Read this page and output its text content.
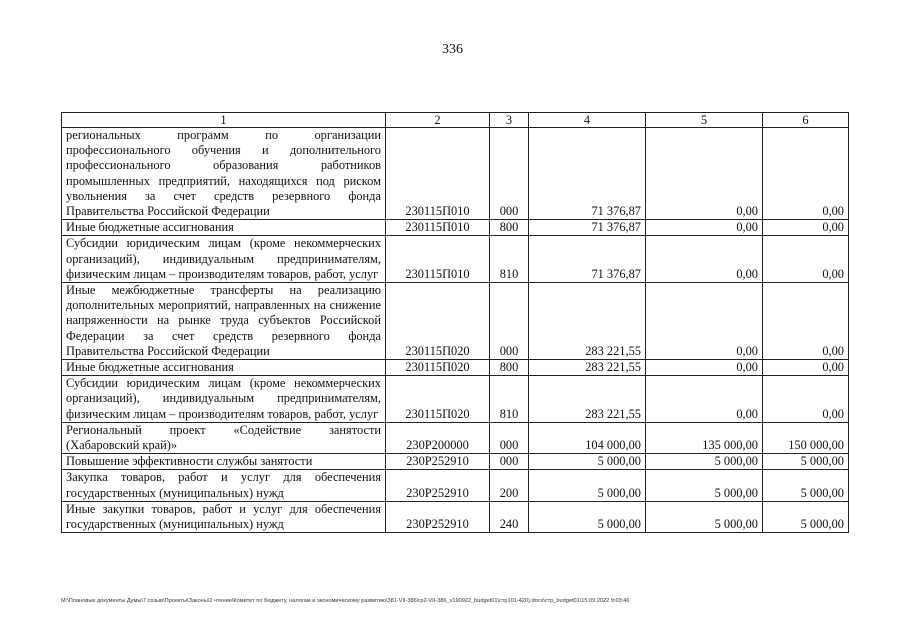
336
1	2	3	4	5	6
региональных программ по организации профессионального обучения и дополнительного профессионального образования работников промышленных предприятий, находящихся под риском увольнения за счет средств резервного фонда Правительства Российской Федерации	230115П010	000	71 376,87	0,00	0,00
Иные бюджетные ассигнования	230115П010	800	71 376,87	0,00	0,00
Субсидии юридическим лицам (кроме некоммерческих организаций), индивидуальным предпринимателям, физическим лицам – производителям товаров, работ, услуг	230115П010	810	71 376,87	0,00	0,00
Иные межбюджетные трансферты на реализацию дополнительных мероприятий, направленных на снижение напряженности на рынке труда субъектов Российской Федерации за счет средств резервного фонда Правительства Российской Федерации	230115П020	000	283 221,55	0,00	0,00
Иные бюджетные ассигнования	230115П020	800	283 221,55	0,00	0,00
Субсидии юридическим лицам (кроме некоммерческих организаций), индивидуальным предпринимателям, физическим лицам – производителям товаров, работ, услуг	230115П020	810	283 221,55	0,00	0,00
Региональный проект «Содействие занятости (Хабаровский край)»	230Р200000	000	104 000,00	135 000,00	150 000,00
Повышение эффективности службы занятости	230Р252910	000	5 000,00	5 000,00	5 000,00
Закупка товаров, работ и услуг для обеспечения государственных (муниципальных) нужд	230Р252910	200	5 000,00	5 000,00	5 000,00
Иные закупки товаров, работ и услуг для обеспечения государственных (муниципальных) нужд	230Р252910	240	5 000,00	5 000,00	5 000,00
M:\Плановые документы Думы\7 созыв\Проекты\Законы\2 чтение\Комитет по бюджету, налогам и экономическому развитию\381-VII-386\гр2-VII-386_v190922_budget01\стр101-420).docx\стр_budget01\15.09.2022 9:03:46
